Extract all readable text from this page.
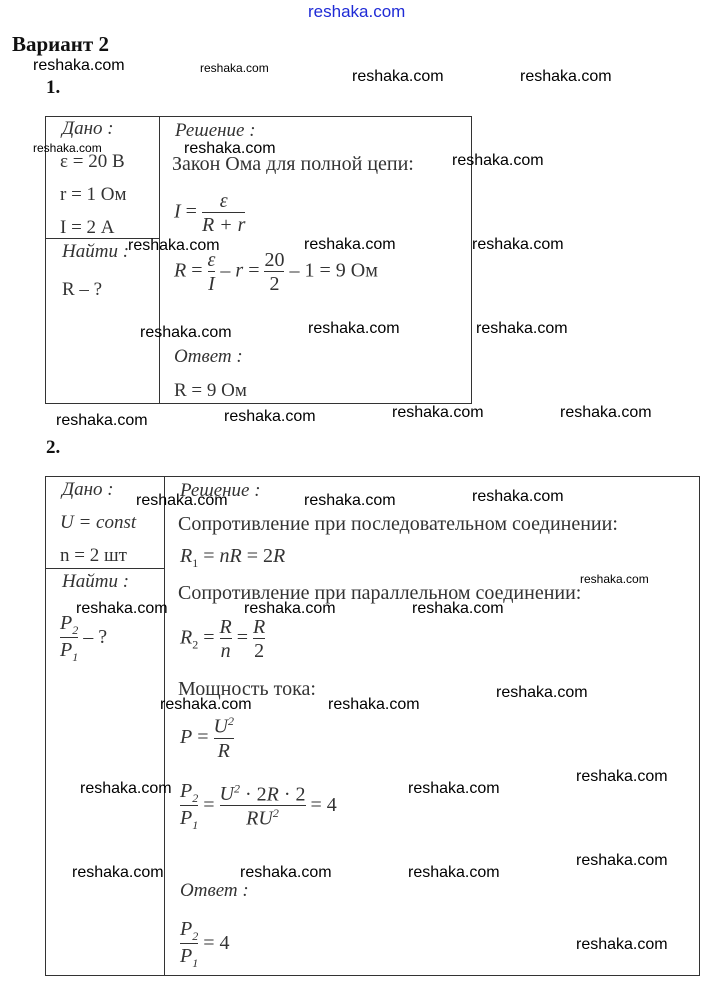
reshaka.com
Вариант 2
reshaka.com	reshaka.com	reshaka.com	reshaka.com
1.
Дано :
reshaka.com
ε = 20 В
r = 1 Ом
I = 2 А
Найти :
R – ?
Решение :
reshaka.com
Закон Ома для полной цепи: reshaka.com
$I = \frac{\varepsilon}{R + r}$
reshaka.com	reshaka.com	reshaka.com
$R = \frac{\varepsilon}{I} - r = \frac{20}{2} - 1 = 9$ Ом
reshaka.com	reshaka.com	reshaka.com
Ответ :
R = 9 Ом
reshaka.com	reshaka.com	reshaka.com	reshaka.com
2.
Дано :
reshaka.com
U = const
n = 2 шт
Найти :
$\frac{P_2}{P_1}$ – ?
Решение :	reshaka.com	reshaka.com
Сопротивление при последовательном соединении:
$R_1$ = nR = 2R
reshaka.com
Сопротивление при параллельном соединении:
reshaka.com	reshaka.com	reshaka.com
$R_2 = \frac{R}{n} = \frac{R}{2}$
Мощность тока:	reshaka.com
reshaka.com	reshaka.com
$P = \frac{U^2}{R}$
reshaka.com
reshaka.com	reshaka.com
$\frac{P_2}{P_1} = \frac{U^2 \cdot 2R \cdot 2}{RU^2} = 4$
reshaka.com
reshaka.com	reshaka.com	reshaka.com
Ответ :
$\frac{P_2}{P_1} = 4$	reshaka.com
